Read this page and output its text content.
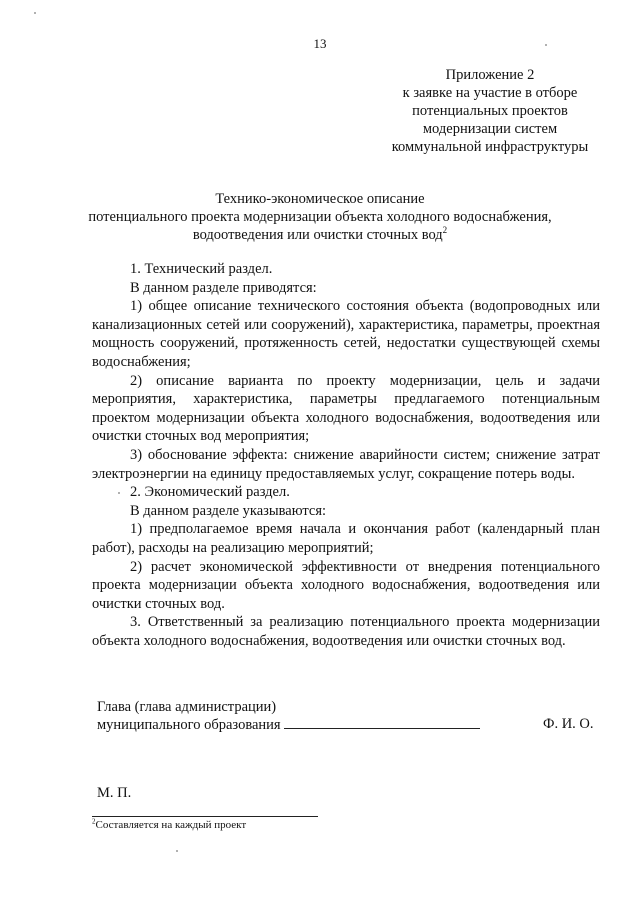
13
Приложение 2
к заявке на участие в отборе
потенциальных проектов
модернизации систем
коммунальной инфраструктуры
Технико-экономическое описание
потенциального проекта модернизации объекта холодного водоснабжения,
водоотведения или очистки сточных вод$^2$

1. Технический раздел.

В данном разделе приводятся:

1) общее описание технического состояния объекта (водопроводных или канализационных сетей или сооружений), характеристика, параметры, проектная мощность сооружений, протяженность сетей, недостатки существующей схемы водоснабжения;

2) описание варианта по проекту модернизации, цель и задачи мероприятия, характеристика, параметры предлагаемого потенциальным проектом модернизации объекта холодного водоснабжения, водоотведения или очистки сточных вод мероприятия;

3) обоснование эффекта: снижение аварийности систем; снижение затрат электроэнергии на единицу предоставляемых услуг, сокращение потерь воды.

2. Экономический раздел.

В данном разделе указываются:

1) предполагаемое время начала и окончания работ (календарный план работ), расходы на реализацию мероприятий;

2) расчет экономической эффективности от внедрения потенциального проекта модернизации объекта холодного водоснабжения, водоотведения или очистки сточных вод.

3. Ответственный за реализацию потенциального проекта модернизации объекта холодного водоснабжения, водоотведения или очистки сточных вод.

Глава (глава администрации)
муниципального образования	Ф. И. О.
М. П.
$^2$Составляется на каждый проект
